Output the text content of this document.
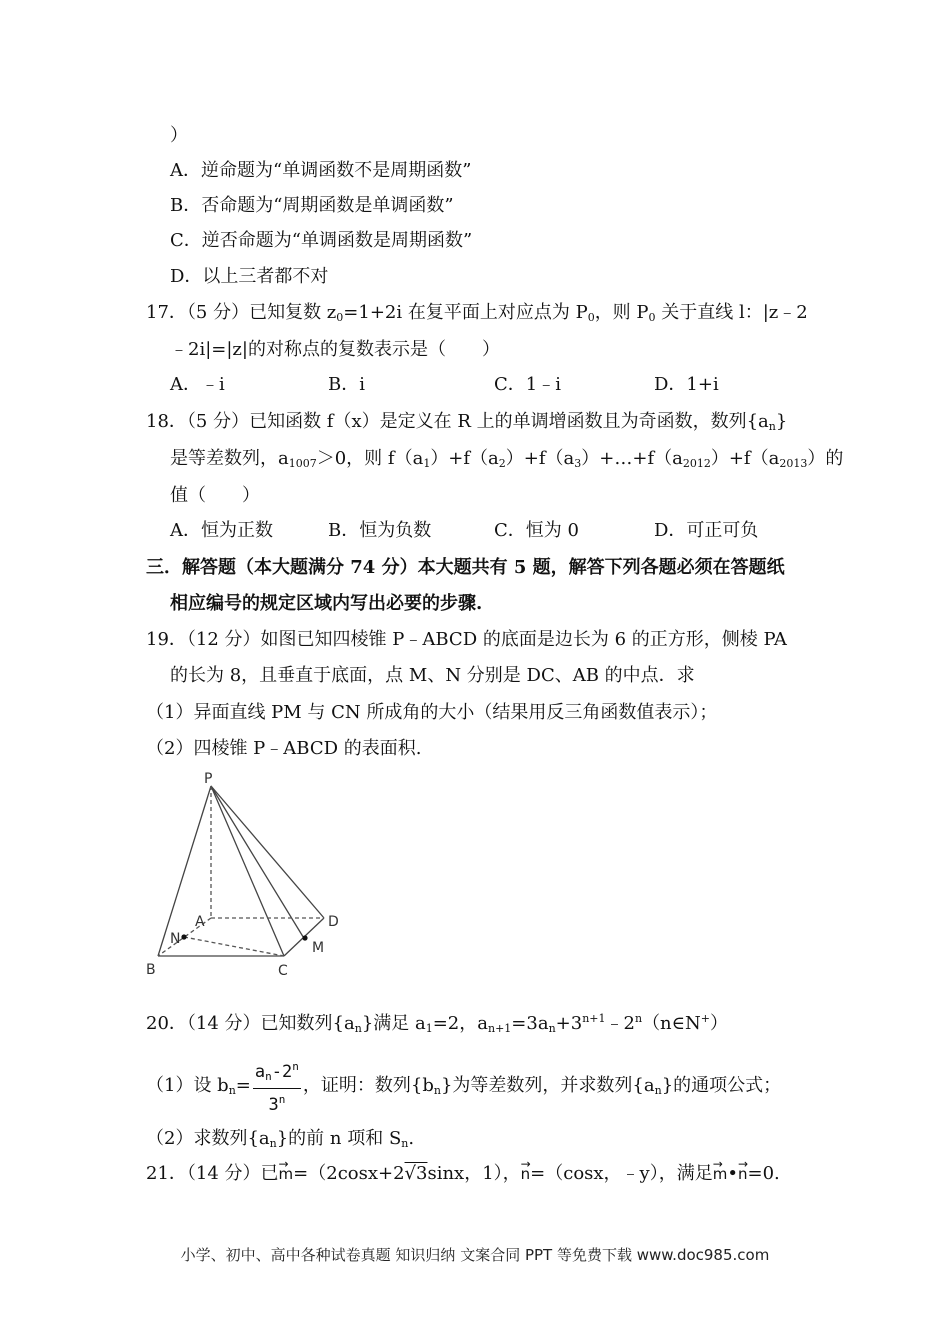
）
A．逆命题为“单调函数不是周期函数”
B．否命题为“周期函数是单调函数”
C．逆否命题为“单调函数是周期函数”
D．以上三者都不对
17．（5 分）已知复数 $z_0=1+2i$ 在复平面上对应点为 $P_0$，则 $P_0$ 关于直线 l：|z﹣2
﹣2i|=|z|的对称点的复数表示是（　　）
A．﹣i	B．i	C．1﹣i	D．1+i
18．（5 分）已知函数 f（x）是定义在 R 上的单调增函数且为奇函数，数列$\{a_n\}$
是等差数列，$a_{1007}>0$，则 $f(a_1)+f(a_2)+f(a_3)+\dots+f(a_{2012})+f(a_{2013})$的
值（　　）
A．恒为正数	B．恒为负数	C．恒为 0	D．可正可负
三．解答题（本大题满分 74 分）本大题共有 5 题，解答下列各题必须在答题纸
相应编号的规定区域内写出必要的步骤.
19．（12 分）如图已知四棱锥 P﹣ABCD 的底面是边长为 6 的正方形，侧棱 PA
的长为 8，且垂直于底面，点 M、N 分别是 DC、AB 的中点．求
（1）异面直线 PM 与 CN 所成角的大小（结果用反三角函数值表示）；
（2）四棱锥 P﹣ABCD 的表面积.
P
A
B	C
D
M
N
20．（14 分）已知数列$\{a_n\}$满足 $a_1=2$，$a_{n+1}=3a_n+3^{n+1}﹣2^n(n\in N^+)$
（1）设 $b_n= \frac{a_n-2^n}{3^n}$ ，证明：数列$\{b_n\}$为等差数列，并求数列$\{a_n\}$的通项公式；
（2）求数列$\{a_n\}$的前 n 项和 $S_n$.
21．（14 分）已→ m=（2cosx+2√3sinx，1），→ n=（cosx，﹣y），满足→ m•→ n=0.
小学、初中、高中各种试卷真题 知识归纳 文案合同 PPT 等免费下载 www.doc985.com
